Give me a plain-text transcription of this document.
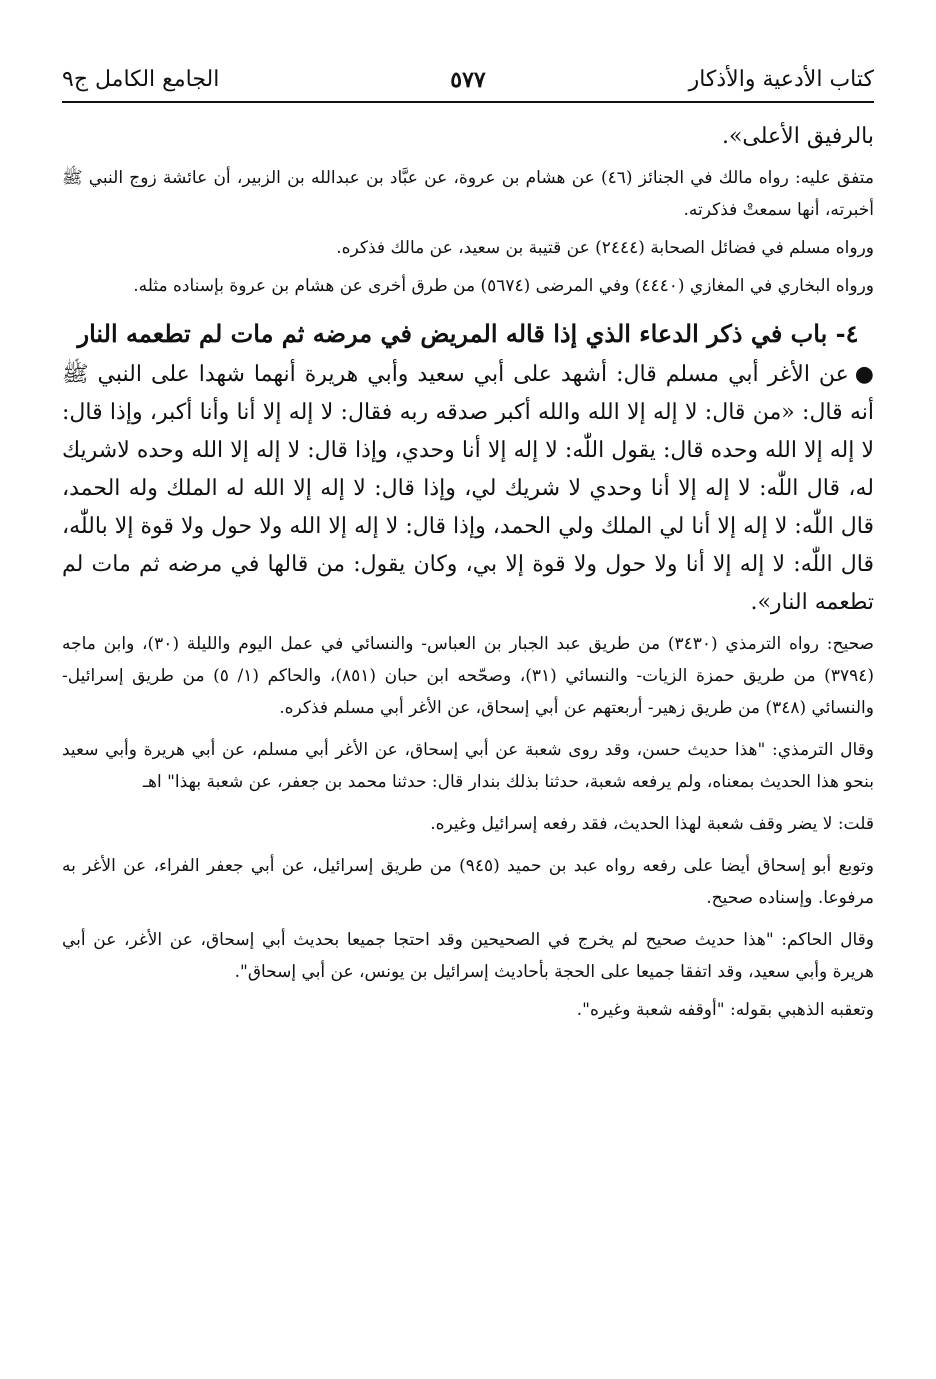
كتاب الأدعية والأذكار
٥٧٧
الجامع الكامل ج٩

بالرفيق الأعلى».

متفق عليه: رواه مالك في الجنائز (٤٦) عن هشام بن عروة، عن عبَّاد بن عبدالله بن الزبير، أن عائشة زوج النبي ﷺ أخبرته، أنها سمعتْ فذكرته.

ورواه مسلم في فضائل الصحابة (٢٤٤٤) عن قتيبة بن سعيد، عن مالك فذكره.

ورواه البخاري في المغازي (٤٤٤٠) وفي المرضى (٥٦٧٤) من طرق أخرى عن هشام بن عروة بإسناده مثله.

٤- باب في ذكر الدعاء الذي إذا قاله المريض في مرضه ثم مات لم تطعمه النار

●عن الأغر أبي مسلم قال: أشهد على أبي سعيد وأبي هريرة أنهما شهدا على النبي ﷺ أنه قال: «من قال: لا إله إلا الله والله أكبر صدقه ربه فقال: لا إله إلا أنا وأنا أكبر، وإذا قال: لا إله إلا الله وحده قال: يقول اللّٰه: لا إله إلا أنا وحدي، وإذا قال: لا إله إلا الله وحده لاشريك له، قال اللّٰه: لا إله إلا أنا وحدي لا شريك لي، وإذا قال: لا إله إلا الله له الملك وله الحمد، قال اللّٰه: لا إله إلا أنا لي الملك ولي الحمد، وإذا قال: لا إله إلا الله ولا حول ولا قوة إلا باللّٰه، قال اللّٰه: لا إله إلا أنا ولا حول ولا قوة إلا بي، وكان يقول: من قالها في مرضه ثم مات لم تطعمه النار».

صحيح: رواه الترمذي (٣٤٣٠) من طريق عبد الجبار بن العباس- والنسائي في عمل اليوم والليلة (٣٠)، وابن ماجه (٣٧٩٤) من طريق حمزة الزيات- والنسائي (٣١)، وصحّحه ابن حبان (٨٥١)، والحاكم (١/ ٥) من طريق إسرائيل- والنسائي (٣٤٨) من طريق زهير- أربعتهم عن أبي إسحاق، عن الأغر أبي مسلم فذكره.

وقال الترمذي: "هذا حديث حسن، وقد روى شعبة عن أبي إسحاق، عن الأغر أبي مسلم، عن أبي هريرة وأبي سعيد بنحو هذا الحديث بمعناه، ولم يرفعه شعبة، حدثنا بذلك بندار قال: حدثنا محمد بن جعفر، عن شعبة بهذا" اهـ

قلت: لا يضر وقف شعبة لهذا الحديث، فقد رفعه إسرائيل وغيره.

وتوبع أبو إسحاق أيضا على رفعه رواه عبد بن حميد (٩٤٥) من طريق إسرائيل، عن أبي جعفر الفراء، عن الأغر به مرفوعا. وإسناده صحيح.

وقال الحاكم: "هذا حديث صحيح لم يخرج في الصحيحين وقد احتجا جميعا بحديث أبي إسحاق، عن الأغر، عن أبي هريرة وأبي سعيد، وقد اتفقا جميعا على الحجة بأحاديث إسرائيل بن يونس، عن أبي إسحاق".

وتعقبه الذهبي بقوله: "أوقفه شعبة وغيره".
